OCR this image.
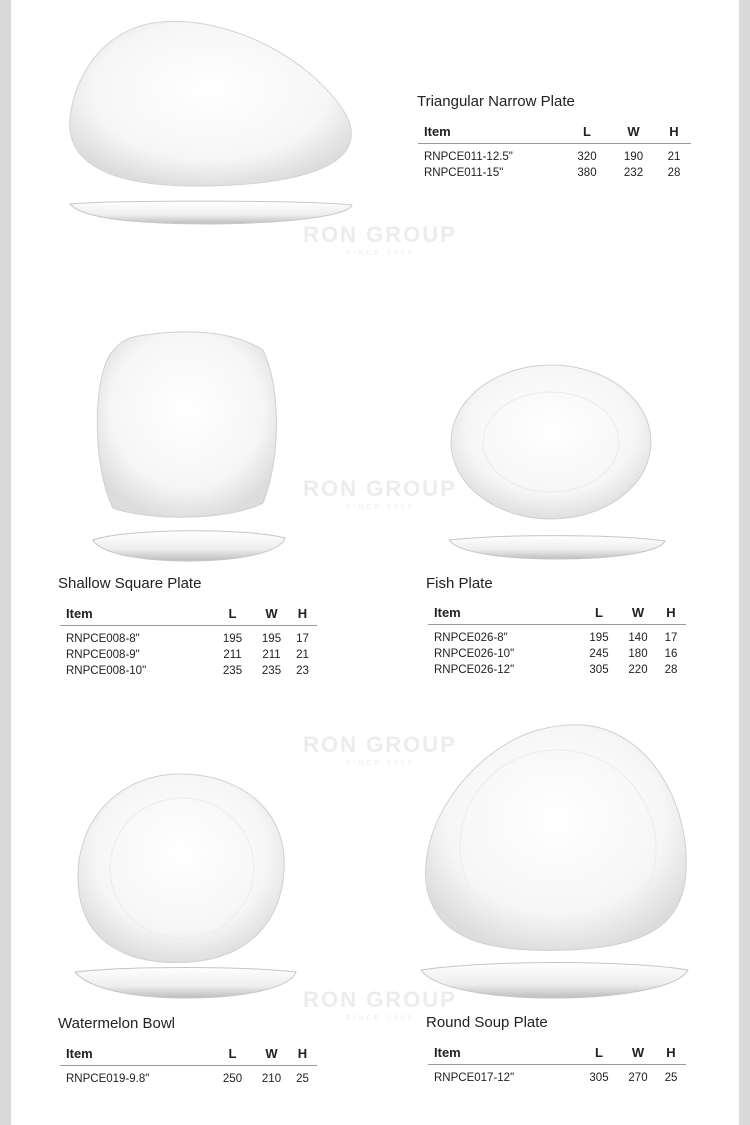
RON GROUP
SINCE 2002
RON GROUP
SINCE 2002
RON GROUP
SINCE 2002
RON GROUP
SINCE 2002
Triangular Narrow Plate
Item	L	W	H
RNPCE011-12.5"	320	190	21
RNPCE011-15"	380	232	28
Shallow Square Plate
Item	L	W	H
RNPCE008-8"	195	195	17
RNPCE008-9"	211	211	21
RNPCE008-10"	235	235	23
Fish Plate
Item	L	W	H
RNPCE026-8"	195	140	17
RNPCE026-10"	245	180	16
RNPCE026-12"	305	220	28
Watermelon Bowl
Item	L	W	H
RNPCE019-9.8"	250	210	25
Round Soup Plate
Item	L	W	H
RNPCE017-12"	305	270	25
